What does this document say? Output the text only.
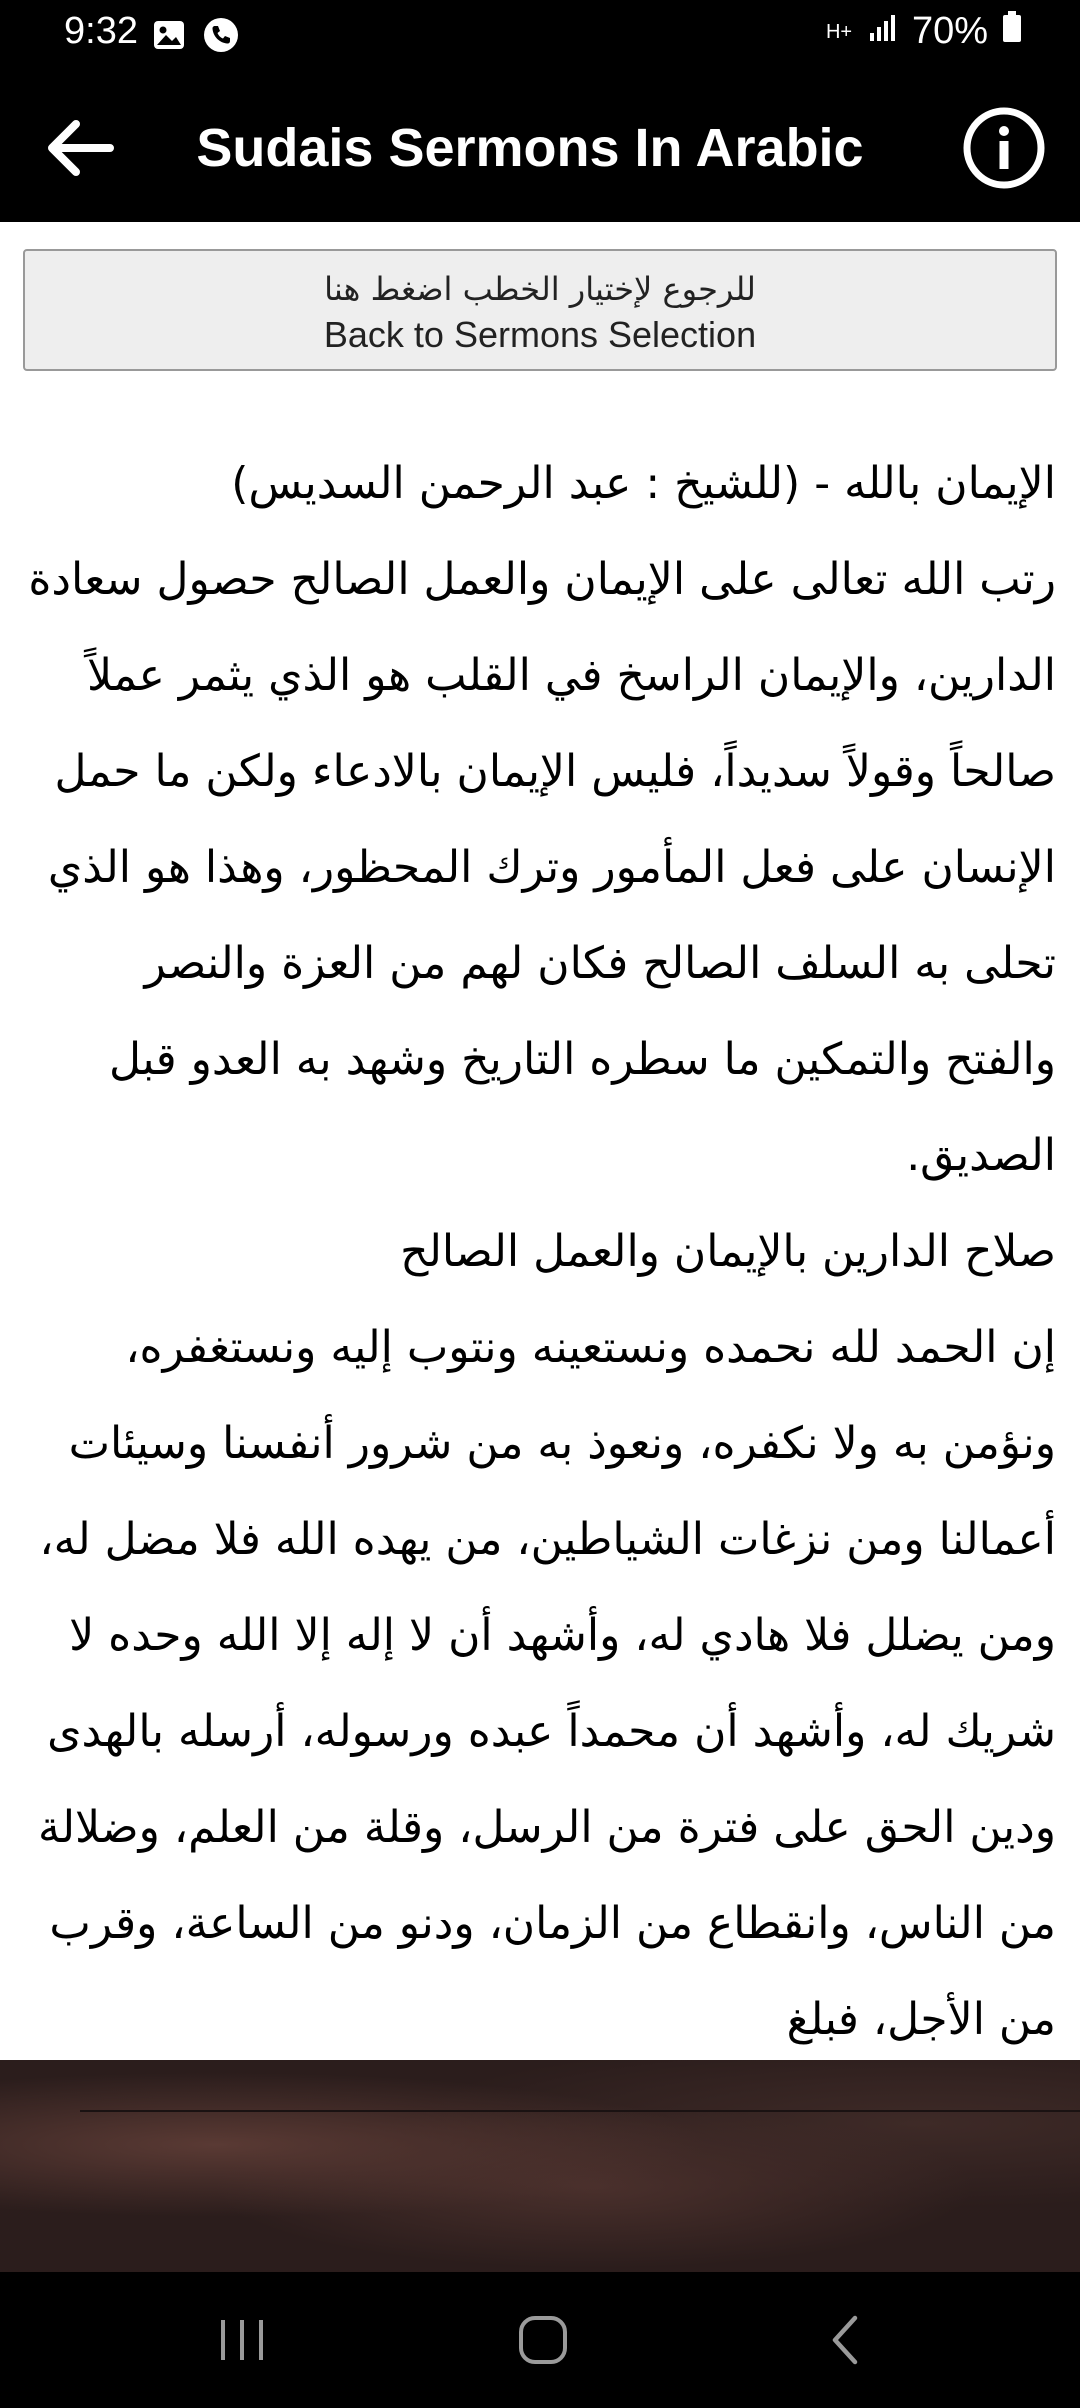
9:32	H+ 70%
Sudais Sermons In Arabic
للرجوع لإختيار الخطب اضغط هنا
Back to Sermons Selection

الإيمان بالله - (للشيخ : عبد الرحمن السديس)

رتب الله تعالى على الإيمان والعمل الصالح حصول سعادة الدارين، والإيمان الراسخ في القلب هو الذي يثمر عملاً صالحاً وقولاً سديداً، فليس الإيمان بالادعاء ولكن ما حمل الإنسان على فعل المأمور وترك المحظور، وهذا هو الذي تحلى به السلف الصالح فكان لهم من العزة والنصر والفتح والتمكين ما سطره التاريخ وشهد به العدو قبل الصديق.

صلاح الدارين بالإيمان والعمل الصالح

إن الحمد لله نحمده ونستعينه ونتوب إليه ونستغفره، ونؤمن به ولا نكفره، ونعوذ به من شرور أنفسنا وسيئات أعمالنا ومن نزغات الشياطين، من يهده الله فلا مضل له، ومن يضلل فلا هادي له، وأشهد أن لا إله إلا الله وحده لا شريك له، وأشهد أن محمداً عبده ورسوله، أرسله بالهدى ودين الحق على فترة من الرسل، وقلة من العلم، وضلالة من الناس، وانقطاع من الزمان، ودنو من الساعة، وقرب من الأجل، فبلغ
